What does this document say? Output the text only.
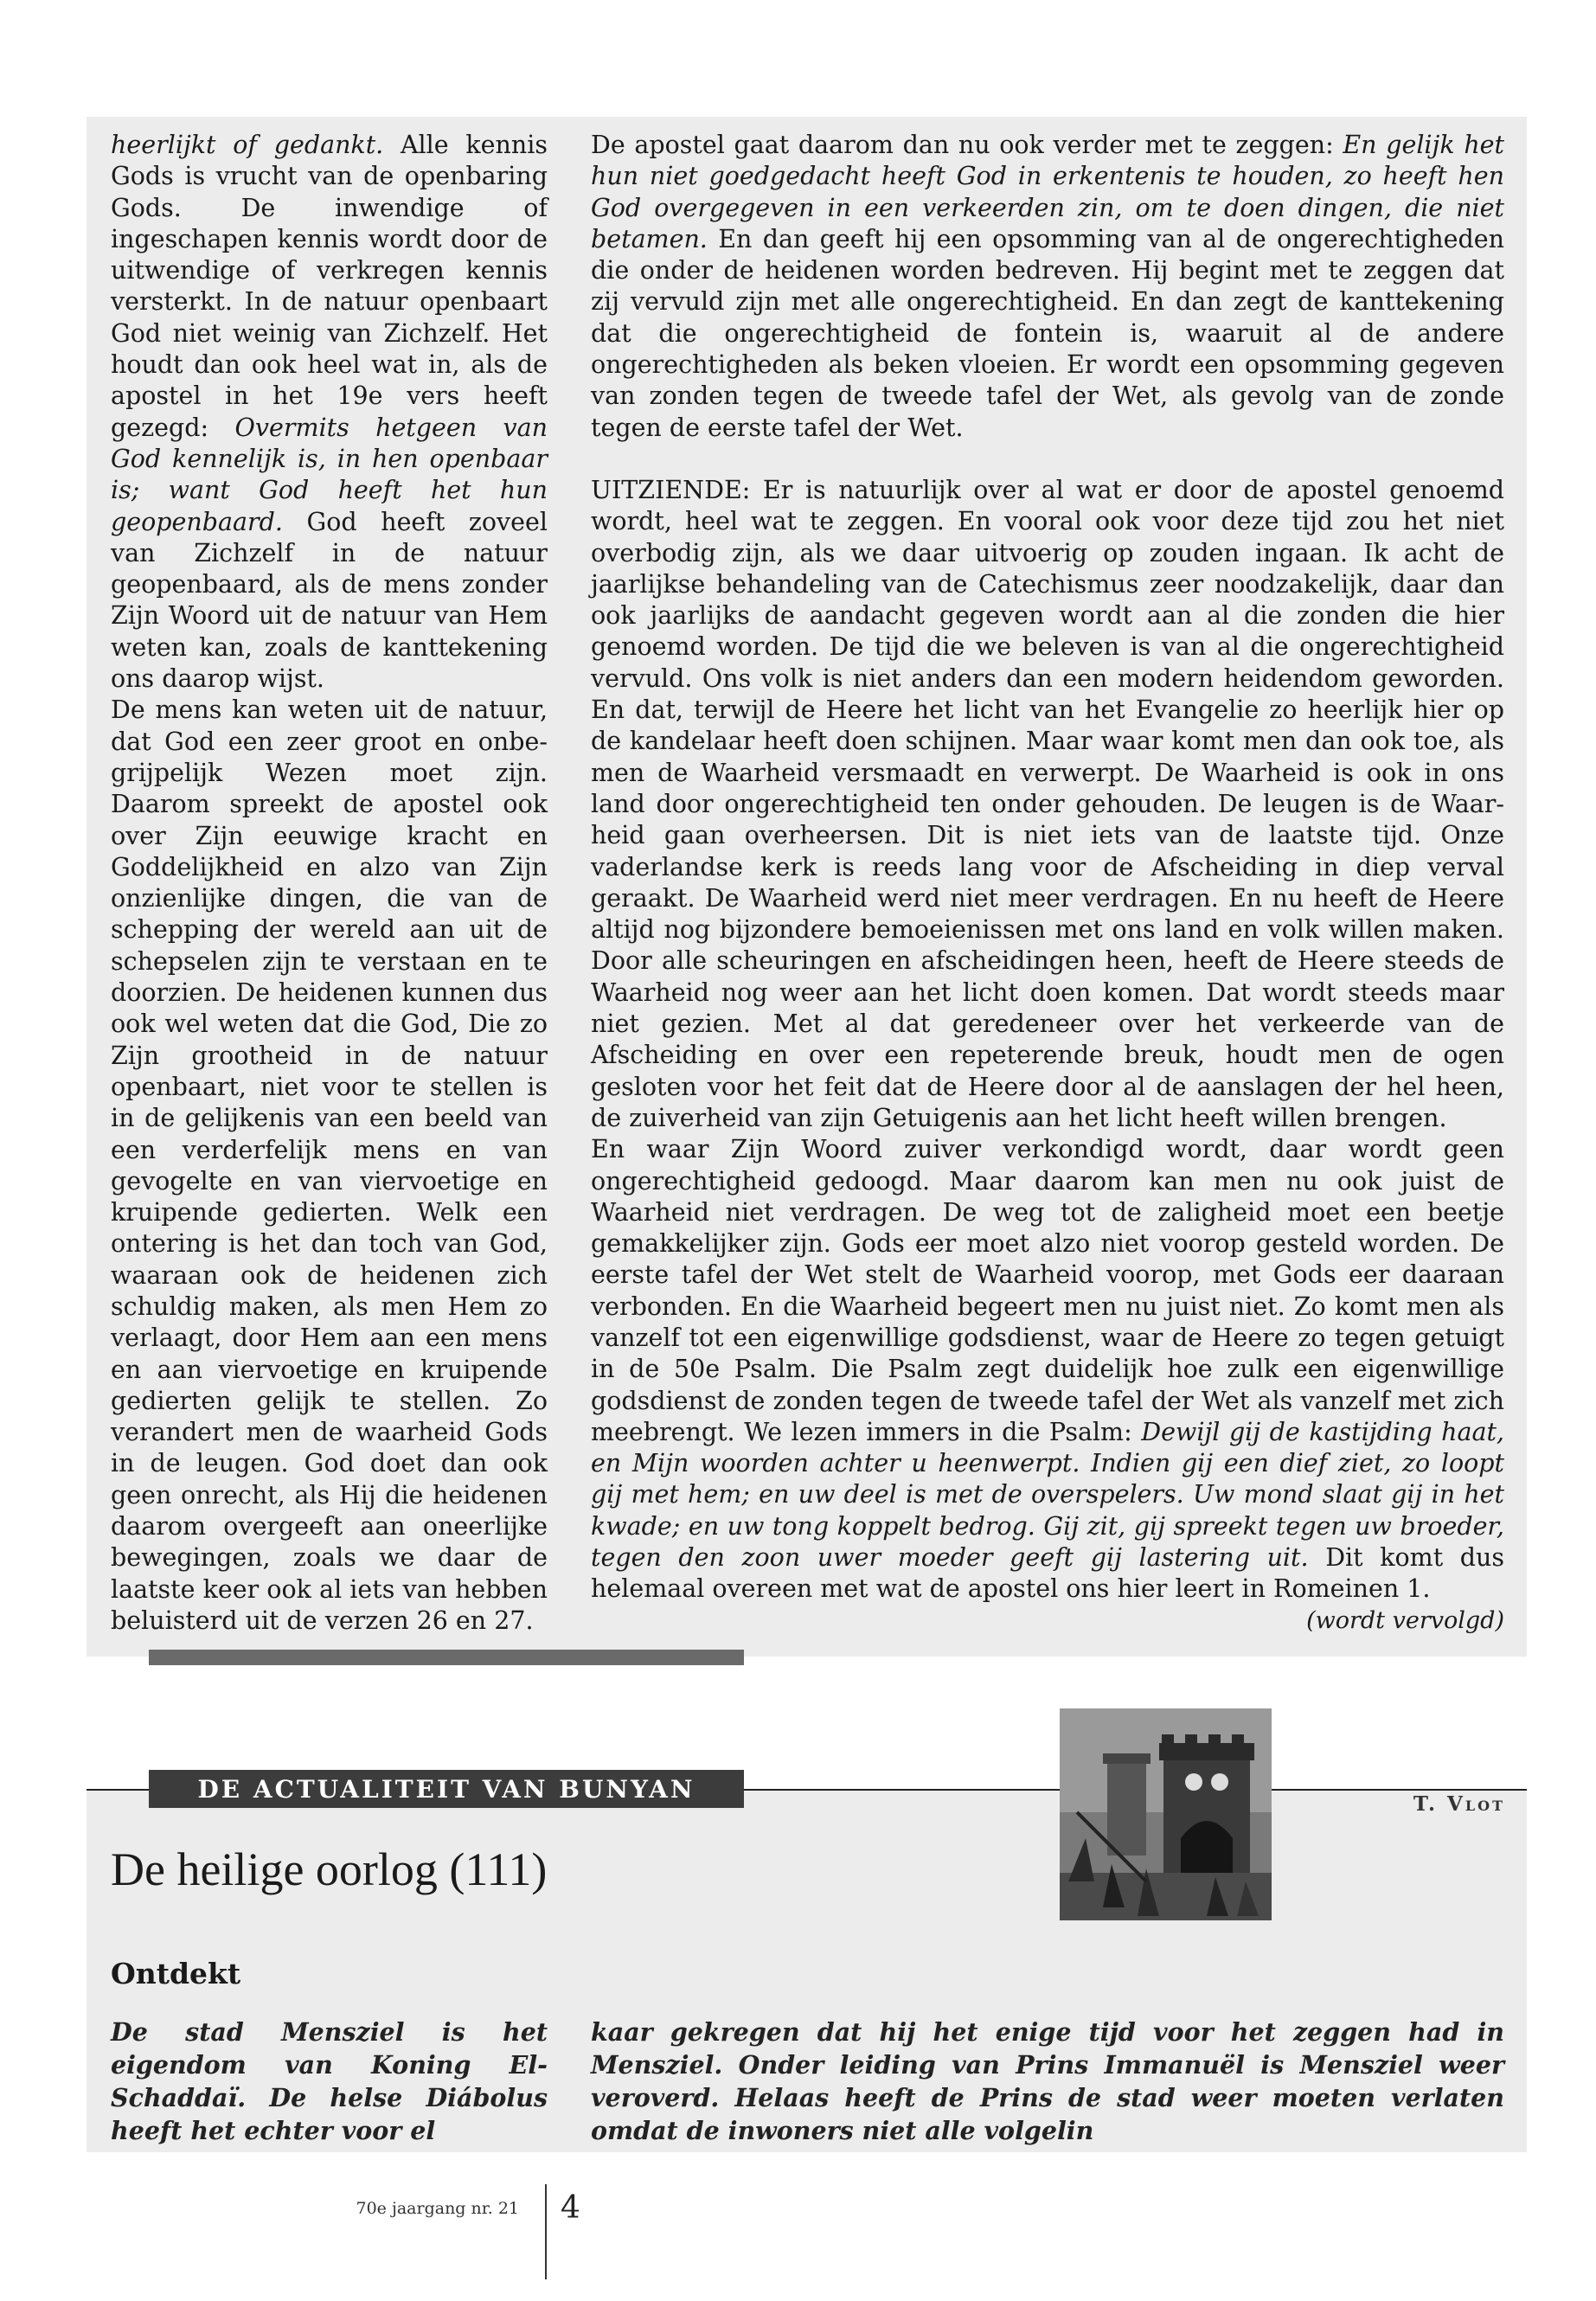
heerlijkt of gedankt. Alle kennis Gods is vrucht van de openbaring Gods. De inwendige of ingeschapen kennis wordt door de uitwendige of verkregen kennis versterkt. In de natuur openbaart God niet weinig van Zichzelf. Het houdt dan ook heel wat in, als de apostel in het 19e vers heeft gezegd: Overmits hetgeen van God kennelijk is, in hen openbaar is; want God heeft het hun geopenbaard. God heeft zoveel van Zichzelf in de natuur geopenbaard, als de mens zonder Zijn Woord uit de natuur van Hem weten kan, zoals de kanttekening ons daarop wijst.

De mens kan weten uit de natuur, dat God een zeer groot en onbegrijpelijk Wezen moet zijn. Daarom spreekt de apostel ook over Zijn eeuwige kracht en Goddelijkheid en alzo van Zijn onzienlijke dingen, die van de schepping der wereld aan uit de schepselen zijn te verstaan en te doorzien. De heidenen kunnen dus ook wel weten dat die God, Die zo Zijn grootheid in de natuur openbaart, niet voor te stellen is in de gelijkenis van een beeld van een verderfelijk mens en van gevogelte en van viervoetige en kruipende gedierten. Welk een ontering is het dan toch van God, waaraan ook de heidenen zich schuldig maken, als men Hem zo verlaagt, door Hem aan een mens en aan viervoetige en kruipende gedierten gelijk te stellen. Zo verandert men de waarheid Gods in de leugen. God doet dan ook geen onrecht, als Hij die heidenen daarom overgeeft aan oneerlijke bewegingen, zoals we daar de laatste keer ook al iets van hebben beluisterd uit de verzen 26 en 27.

De apostel gaat daarom dan nu ook verder met te zeggen: En gelijk het hun niet goedgedacht heeft God in erkentenis te houden, zo heeft hen God overgegeven in een verkeerden zin, om te doen dingen, die niet betamen. En dan geeft hij een opsomming van al de ongerechtigheden die onder de heidenen worden bedreven. Hij begint met te zeggen dat zij vervuld zijn met alle ongerechtigheid. En dan zegt de kanttekening dat die ongerechtigheid de fontein is, waaruit al de andere ongerechtigheden als beken vloeien. Er wordt een opsomming gegeven van zonden tegen de tweede tafel der Wet, als gevolg van de zonde tegen de eerste tafel der Wet.

UITZIENDE: Er is natuurlijk over al wat er door de apostel genoemd wordt, heel wat te zeggen. En vooral ook voor deze tijd zou het niet overbodig zijn, als we daar uitvoerig op zouden ingaan. Ik acht de jaarlijkse behandeling van de Catechismus zeer noodzakelijk, daar dan ook jaarlijks de aandacht gegeven wordt aan al die zonden die hier genoemd worden. De tijd die we beleven is van al die ongerechtigheid vervuld. Ons volk is niet anders dan een modern heidendom geworden. En dat, terwijl de Heere het licht van het Evangelie zo heerlijk hier op de kandelaar heeft doen schijnen. Maar waar komt men dan ook toe, als men de Waarheid versmaadt en verwerpt. De Waarheid is ook in ons land door ongerechtigheid ten onder gehouden. De leugen is de Waarheid gaan overheersen. Dit is niet iets van de laatste tijd. Onze vaderlandse kerk is reeds lang voor de Afscheiding in diep verval geraakt. De Waarheid werd niet meer verdragen. En nu heeft de Heere altijd nog bijzondere bemoeienissen met ons land en volk willen maken. Door alle scheuringen en afscheidingen heen, heeft de Heere steeds de Waarheid nog weer aan het licht doen komen. Dat wordt steeds maar niet gezien. Met al dat geredeneer over het verkeerde van de Afscheiding en over een repeterende breuk, houdt men de ogen gesloten voor het feit dat de Heere door al de aanslagen der hel heen, de zuiverheid van zijn Getuigenis aan het licht heeft willen brengen.

En waar Zijn Woord zuiver verkondigd wordt, daar wordt geen ongerechtigheid gedoogd. Maar daarom kan men nu ook juist de Waarheid niet verdragen. De weg tot de zaligheid moet een beetje gemakkelijker zijn. Gods eer moet alzo niet voorop gesteld worden. De eerste tafel der Wet stelt de Waarheid voorop, met Gods eer daaraan verbonden. En die Waarheid begeert men nu juist niet. Zo komt men als vanzelf tot een eigenwillige godsdienst, waar de Heere zo tegen getuigt in de 50e Psalm. Die Psalm zegt duidelijk hoe zulk een eigenwillige godsdienst de zonden tegen de tweede tafel der Wet als vanzelf met zich meebrengt. We lezen immers in die Psalm: Dewijl gij de kastijding haat, en Mijn woorden achter u heenwerpt. Indien gij een dief ziet, zo loopt gij met hem; en uw deel is met de overspelers. Uw mond slaat gij in het kwade; en uw tong koppelt bedrog. Gij zit, gij spreekt tegen uw broeder, tegen den zoon uwer moeder geeft gij lastering uit. Dit komt dus helemaal overeen met wat de apostel ons hier leert in Romeinen 1.

(wordt vervolgd)

DE ACTUALITEIT VAN BUNYAN
T. Vlot
De heilige oorlog (111)
Ontdekt
De stad Mensziel is het eigendom van Koning El-Schaddaï. De helse Diábolus heeft het echter voor el
kaar gekregen dat hij het enige tijd voor het zeggen had in Mensziel. Onder leiding van Prins Immanuël is Mensziel weer veroverd. Helaas heeft de Prins de stad weer moeten verlaten omdat de inwoners niet alle volgelin
70e jaargang nr. 21 4
